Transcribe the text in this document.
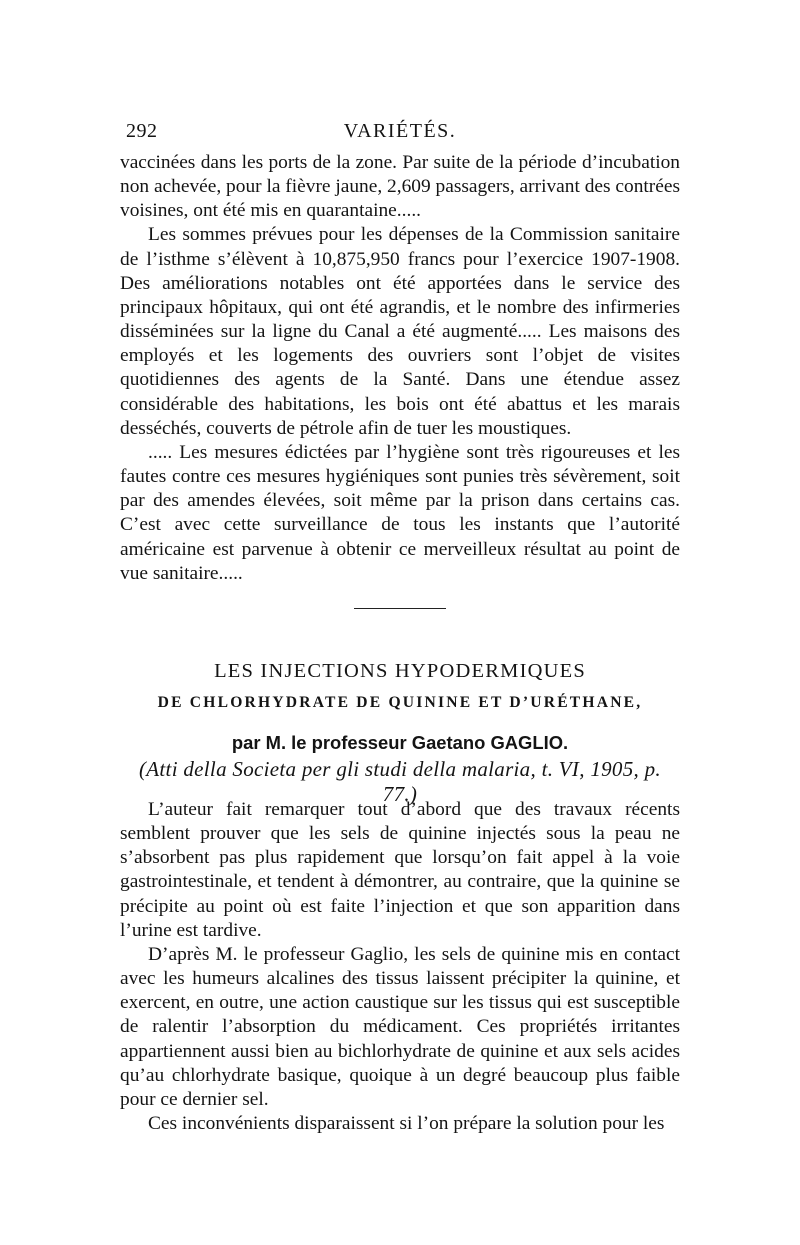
292	VARIÉTÉS.

vaccinées dans les ports de la zone. Par suite de la période d’incubation non achevée, pour la fièvre jaune, 2,609 passagers, arrivant des contrées voisines, ont été mis en quarantaine.....

Les sommes prévues pour les dépenses de la Commission sanitaire de l’isthme s’élèvent à 10,875,950 francs pour l’exercice 1907-1908. Des améliorations notables ont été apportées dans le service des principaux hôpitaux, qui ont été agrandis, et le nombre des infirmeries disséminées sur la ligne du Canal a été augmenté..... Les maisons des employés et les logements des ouvriers sont l’objet de visites quotidiennes des agents de la Santé. Dans une étendue assez considérable des habitations, les bois ont été abattus et les marais desséchés, couverts de pétrole afin de tuer les moustiques.

..... Les mesures édictées par l’hygiène sont très rigoureuses et les fautes contre ces mesures hygiéniques sont punies très sévèrement, soit par des amendes élevées, soit même par la prison dans certains cas. C’est avec cette surveillance de tous les instants que l’autorité américaine est parvenue à obtenir ce merveilleux résultat au point de vue sanitaire.....

LES INJECTIONS HYPODERMIQUES
DE CHLORHYDRATE DE QUININE ET D’URÉTHANE,
par M. le professeur Gaetano GAGLIO.
(Atti della Societa per gli studi della malaria, t. VI, 1905, p. 77.)

L’auteur fait remarquer tout d’abord que des travaux récents semblent prouver que les sels de quinine injectés sous la peau ne s’absorbent pas plus rapidement que lorsqu’on fait appel à la voie gastrointestinale, et tendent à démontrer, au contraire, que la quinine se précipite au point où est faite l’injection et que son apparition dans l’urine est tardive.

D’après M. le professeur Gaglio, les sels de quinine mis en contact avec les humeurs alcalines des tissus laissent précipiter la quinine, et exercent, en outre, une action caustique sur les tissus qui est susceptible de ralentir l’absorption du médicament. Ces propriétés irritantes appartiennent aussi bien au bichlorhydrate de quinine et aux sels acides qu’au chlorhydrate basique, quoique à un degré beaucoup plus faible pour ce dernier sel.

Ces inconvénients disparaissent si l’on prépare la solution pour les
